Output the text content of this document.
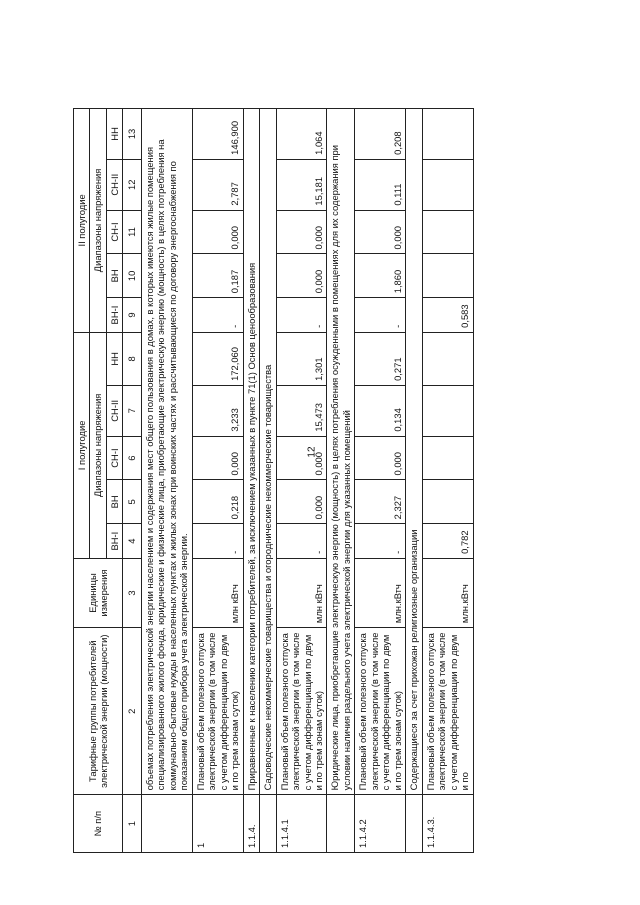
12
№ п/п	Тарифные группы потребителей электрической энергии (мощности)	Единицы измерения	I полугодие					II полугодие				
			Диапазоны напряжения					Диапазоны напряжения				
			ВН-I	ВН	СН-I	СН-II	НН	ВН-I	ВН	СН-I	СН-II	НН
1	2	3	4	5	6	7	8	9	10	11	12	13
	объемах потребления электрической энергии населением и содержания мест общего пользования в домах, в которых имеются жилые помещения специализированного жилого фонда, юридические и физические лица, приобретающие электрическую энергию (мощность) в целях потребления на коммунально-бытовые нужды в населенных пунктах и жилых зонах при воинских частях и рассчитывающиеся по договору энергоснабжения по показаниям общего прибора учета электрической энергии.											
1	Плановый объем полезного отпуска электрической энергии (в том числе с учетом дифференциации по двум и по трем зонам суток)	млн кВтч	-	0,218	0,000	3,233	172,060	-	0,187	0,000	2,787	146,900
1.1.4.	Приравненные к населению категории потребителей, за исключением указанных в пункте 71(1) Основ ценообразования											
	Садоводческие некоммерческие товарищества и огороднические некоммерческие товарищества											
1.1.4.1	Плановый объем полезного отпуска электрической энергии (в том числе с учетом дифференциации по двум и по трем зонам суток)	млн кВтч	-	0,000	0,000	15,473	1,301	-	0,000	0,000	15,181	1,064
	Юридические лица, приобретающие электрическую энергию (мощность) в целях потребления осужденными в помещениях для их содержания при условии наличия раздельного учета электрической энергии для указанных помещений											
1.1.4.2	Плановый объем полезного отпуска электрической энергии (в том числе с учетом дифференциации по двум и по трем зонам суток)	млн.кВтч	-	2,327	0,000	0,134	0,271	-	1,860	0,000	0,111	0,208
	Содержащиеся за счет прихожан религиозные организации											
1.1.4.3.	Плановый объем полезного отпуска электрической энергии (в том числе с учетом дифференциации по двум и по	млн.кВтч	0,782					0,583				
